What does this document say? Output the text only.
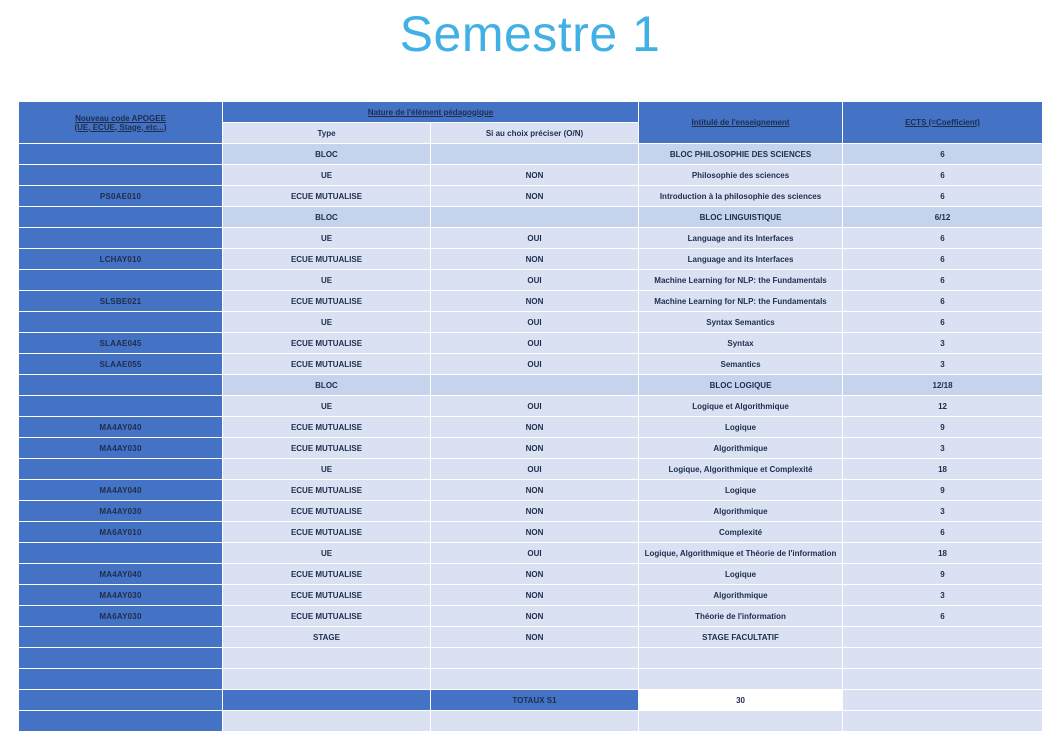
Semestre 1
Nouveau code APOGEE
(UE, ECUE, Stage, etc...)	Nature de l'élément pédagogique		Intitulé de l'enseignement	ECTS (=Coefficient)
	Type	Si au choix préciser (O/N)		
	BLOC		BLOC PHILOSOPHIE DES SCIENCES	6
	UE	NON	Philosophie des sciences	6
PS0AE010	ECUE MUTUALISE	NON	Introduction à la philosophie des sciences	6
	BLOC		BLOC LINGUISTIQUE	6/12
	UE	OUI	Language and its Interfaces	6
LCHAY010	ECUE MUTUALISE	NON	Language and its Interfaces	6
	UE	OUI	Machine Learning for NLP: the Fundamentals	6
SLSBE021	ECUE MUTUALISE	NON	Machine Learning for NLP: the Fundamentals	6
	UE	OUI	Syntax Semantics	6
SLAAE045	ECUE MUTUALISE	OUI	Syntax	3
SLAAE055	ECUE MUTUALISE	OUI	Semantics	3
	BLOC		BLOC LOGIQUE	12/18
	UE	OUI	Logique et Algorithmique	12
MA4AY040	ECUE MUTUALISE	NON	Logique	9
MA4AY030	ECUE MUTUALISE	NON	Algorithmique	3
	UE	OUI	Logique, Algorithmique et Complexité	18
MA4AY040	ECUE MUTUALISE	NON	Logique	9
MA4AY030	ECUE MUTUALISE	NON	Algorithmique	3
MA6AY010	ECUE MUTUALISE	NON	Complexité	6
	UE	OUI	Logique, Algorithmique et Théorie de l'information	18
MA4AY040	ECUE MUTUALISE	NON	Logique	9
MA4AY030	ECUE MUTUALISE	NON	Algorithmique	3
MA6AY030	ECUE MUTUALISE	NON	Théorie de l'information	6
	STAGE	NON	STAGE FACULTATIF	

		TOTAUX S1	30	
